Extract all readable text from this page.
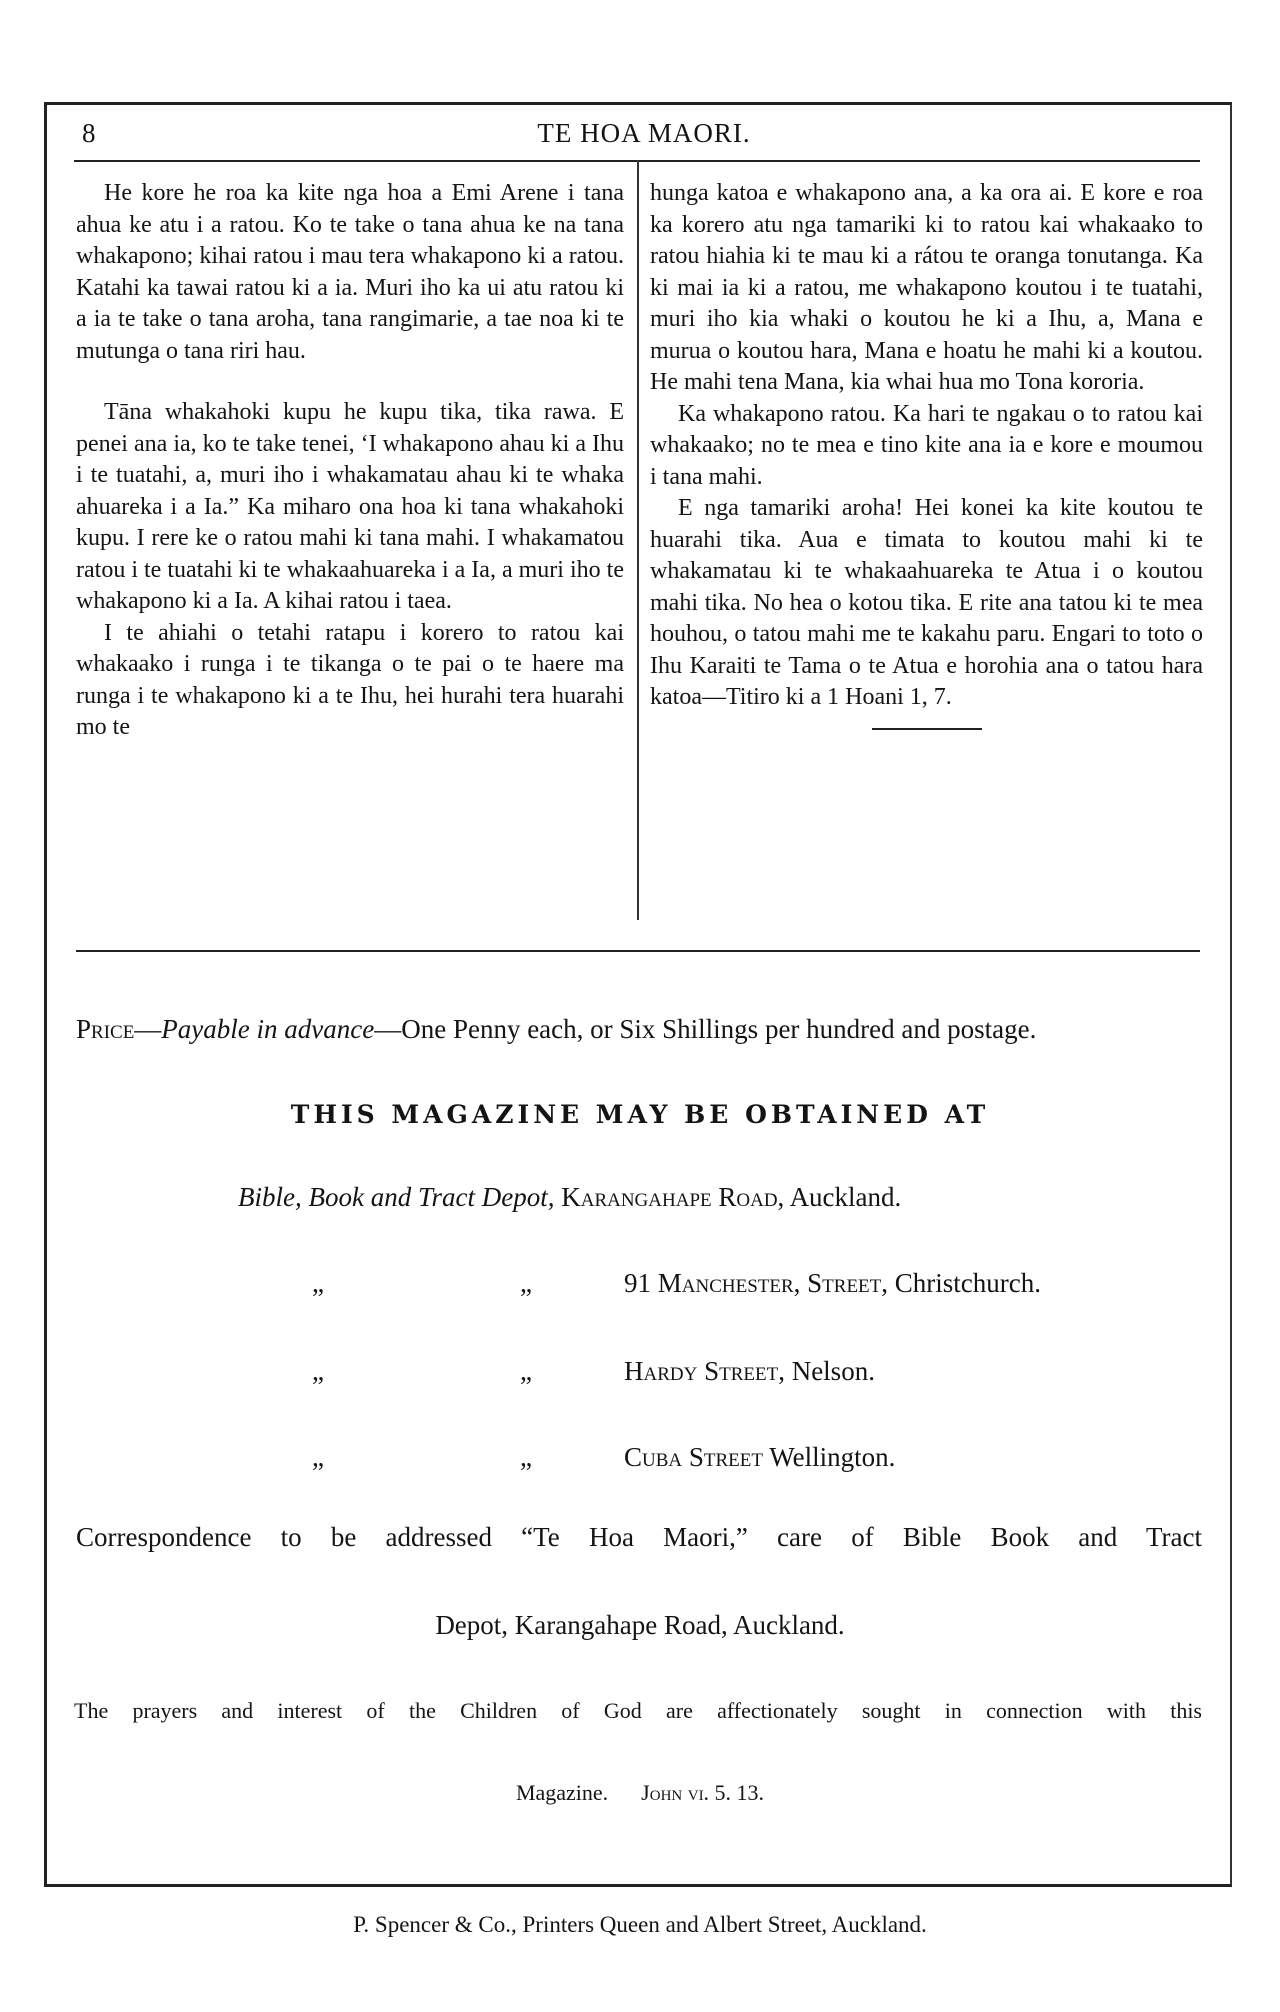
8	TE HOA MAORI.

He kore he roa ka kite nga hoa a Emi Arene i tana ahua ke atu i a ratou. Ko te take o tana ahua ke na tana whakapono; kihai ratou i mau tera whakapono ki a ratou. Katahi ka tawai ratou ki a ia. Muri iho ka ui atu ratou ki a ia te take o tana aroha, tana rangimarie, a tae noa ki te mutunga o tana riri hau.

Tāna whakahoki kupu he kupu tika, tika rawa. E penei ana ia, ko te take tenei, ‘I whakapono ahau ki a Ihu i te tuatahi, a, muri iho i whakamatau ahau ki te whaka ahuareka i a Ia.” Ka miharo ona hoa ki tana whakahoki kupu. I rere ke o ratou mahi ki tana mahi. I whakamatou ratou i te tuatahi ki te whakaahuareka i a Ia, a muri iho te whakapono ki a Ia. A kihai ratou i taea.

I te ahiahi o tetahi ratapu i korero to ratou kai whakaako i runga i te tikanga o te pai o te haere ma runga i te whakapono ki a te Ihu, hei hurahi tera huarahi mo te

hunga katoa e whakapono ana, a ka ora ai. E kore e roa ka korero atu nga tamariki ki to ratou kai whakaako to ratou hiahia ki te mau ki a rátou te oranga tonutanga. Ka ki mai ia ki a ratou, me whakapono koutou i te tuatahi, muri iho kia whaki o koutou he ki a Ihu, a, Mana e murua o koutou hara, Mana e hoatu he mahi ki a koutou. He mahi tena Mana, kia whai hua mo Tona kororia.

Ka whakapono ratou. Ka hari te ngakau o to ratou kai whakaako; no te mea e tino kite ana ia e kore e moumou i tana mahi.

E nga tamariki aroha! Hei konei ka kite koutou te huarahi tika. Aua e timata to koutou mahi ki te whakamatau ki te whakaahuareka te Atua i o koutou mahi tika. No hea o kotou tika. E rite ana tatou ki te mea houhou, o tatou mahi me te kakahu paru. Engari to toto o Ihu Karaiti te Tama o te Atua e horohia ana o tatou hara katoa—Titiro ki a 1 Hoani 1, 7.

Price—Payable in advance—One Penny each, or Six Shillings per hundred and postage.
THIS MAGAZINE MAY BE OBTAINED AT
Bible, Book and Tract Depot, Karangahape Road, Auckland.
„	„	91 Manchester, Street, Christchurch.
„	„	Hardy Street, Nelson.
„	„	Cuba Street Wellington.
Correspondence to be addressed “Te Hoa Maori,” care of Bible Book and Tract
Depot, Karangahape Road, Auckland.
The prayers and interest of the Children of God are affectionately sought in connection with this
Magazine. John vi. 5. 13.
P. Spencer & Co., Printers Queen and Albert Street, Auckland.
